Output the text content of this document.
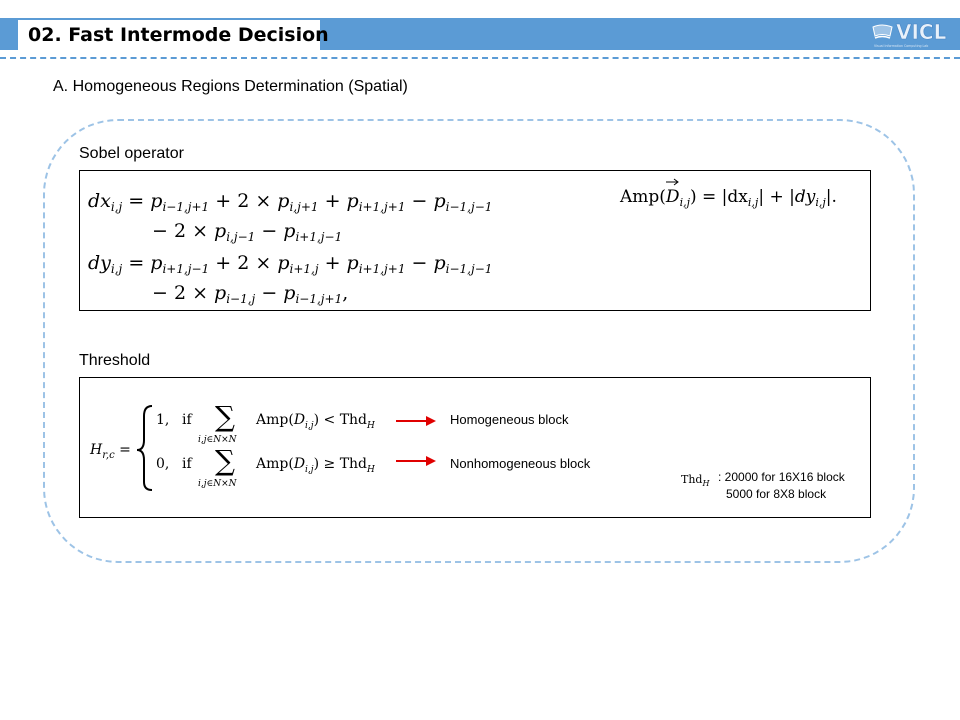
02. Fast Intermode Decision	VICL
Visual Information Computing Lab
A. Homogeneous Regions Determination (Spatial)
Sobel operator
$dx_{i,j} = p_{i-1,j+1} + 2 \times p_{i,j+1} + p_{i+1,j+1} - p_{i-1,j-1}$
− $2 \times p_{i,j-1} - p_{i+1,j-1}$
$dy_{i,j} = p_{i+1,j-1} + 2 \times p_{i+1,j} + p_{i+1,j+1} - p_{i-1,j-1}$
− $2 \times p_{i-1,j} - p_{i-1,j+1}$,
$Amp(D_{i,j}) = |dx_{i,j}| + |dy_{i,j}|$.
Threshold
$H_{r,c}$ =
1, if ∑
i,j∈N×N
$Amp(D_{i,j}) < Thd_H$
0, if ∑
i,j∈N×N
$Amp(D_{i,j}) \ge Thd_H$
Thd$_H$
Homogeneous block
Nonhomogeneous block
: 20000 for 16X16 block
5000 for 8X8 block
